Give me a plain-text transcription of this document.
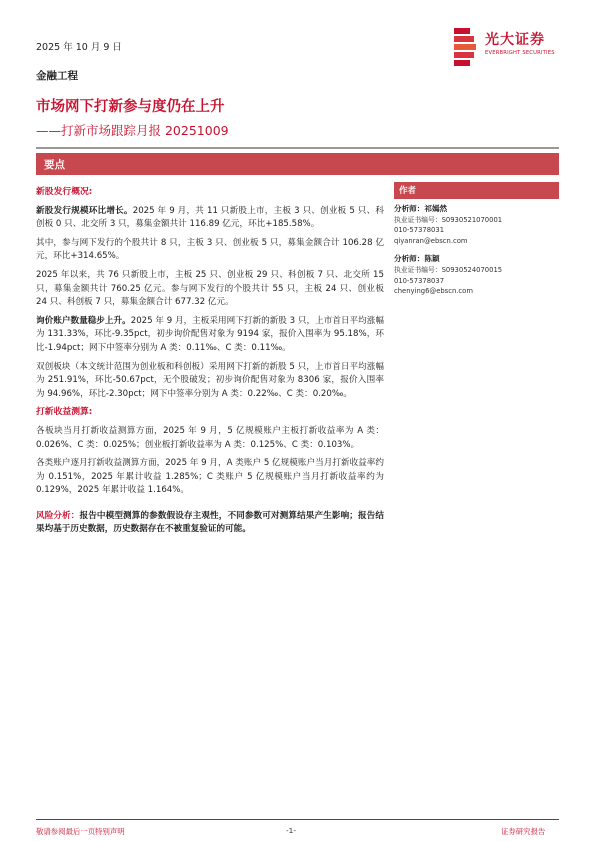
2025 年 10 月 9 日	光大证券
EVERBRIGHT SECURITIES
金融工程
市场网下打新参与度仍在上升
——打新市场跟踪月报 20251009
要点

新股发行概况:

新股发行规模环比增长。2025 年 9 月，共 11 只新股上市，主板 3 只、创业板 5 只、科创板 0 只、北交所 3 只，募集金额共计 116.89 亿元，环比+185.58%。

其中，参与网下发行的个股共计 8 只，主板 3 只、创业板 5 只，募集金额合计 106.28 亿元，环比+314.65%。

2025 年以来，共 76 只新股上市，主板 25 只、创业板 29 只、科创板 7 只、北交所 15 只，募集金额共计 760.25 亿元。参与网下发行的个股共计 55 只，主板 24 只、创业板 24 只、科创板 7 只，募集金额合计 677.32 亿元。

询价账户数量稳步上升。2025 年 9 月，主板采用网下打新的新股 3 只，上市首日平均涨幅为 131.33%，环比-9.35pct，初步询价配售对象为 9194 家，报价入围率为 95.18%，环比-1.94pct；网下中签率分别为 A 类：0.11‰、C 类：0.11‰。

双创板块（本文统计范围为创业板和科创板）采用网下打新的新股 5 只，上市首日平均涨幅为 251.91%，环比-50.67pct，无个股破发；初步询价配售对象为 8306 家，报价入围率为 94.96%，环比-2.30pct；网下中签率分别为 A 类：0.22‰、C 类：0.20‰。

打新收益测算:

各板块当月打新收益测算方面，2025 年 9 月，5 亿规模账户主板打新收益率为 A 类：0.026%、C 类：0.025%；创业板打新收益率为 A 类：0.125%、C 类：0.103%。

各类账户逐月打新收益测算方面，2025 年 9 月，A 类账户 5 亿规模账户当月打新收益率约为 0.151%，2025 年累计收益 1.285%；C 类账户 5 亿规模账户当月打新收益率约为 0.129%，2025 年累计收益 1.164%。

风险分析：报告中模型测算的参数假设存主观性，不同参数可对测算结果产生影响；报告结果均基于历史数据，历史数据存在不被重复验证的可能。

作者
分析师：祁嫣然
执业证书编号：S0930521070001
010-57378031
qiyanran@ebscn.com
分析师：陈颖
执业证书编号：S0930524070015
010-57378037
chenying6@ebscn.com
敬请参阅最后一页特别声明	-1-	证券研究报告
